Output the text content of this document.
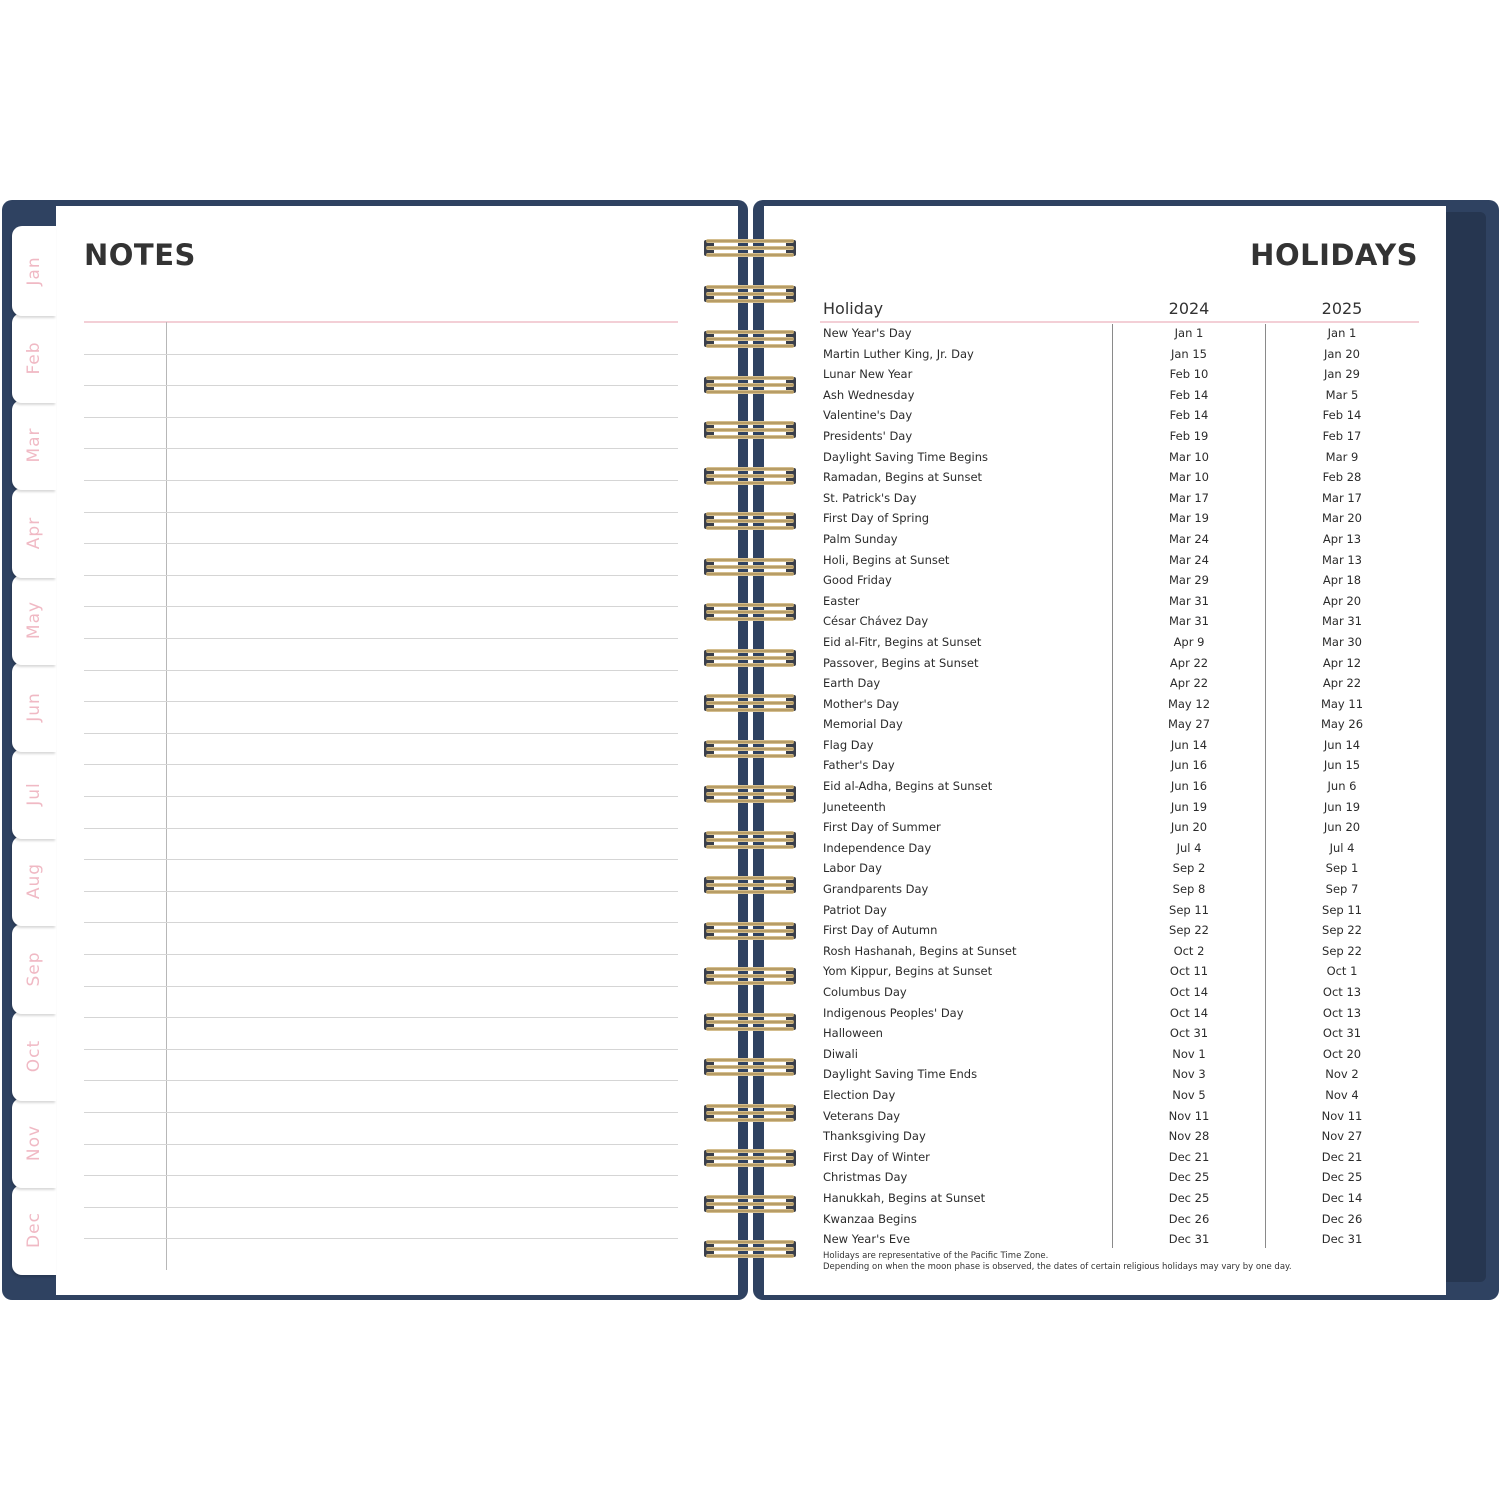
Jan
Feb
Mar
Apr
May
Jun
Jul
Aug
Sep
Oct
Nov
Dec
NOTES	HOLIDAYS
Holiday	2024	2025
New Year's Day	Jan 1	Jan 1
Martin Luther King, Jr. Day	Jan 15	Jan 20
Lunar New Year	Feb 10	Jan 29
Ash Wednesday	Feb 14	Mar 5
Valentine's Day	Feb 14	Feb 14
Presidents' Day	Feb 19	Feb 17
Daylight Saving Time Begins	Mar 10	Mar 9
Ramadan, Begins at Sunset	Mar 10	Feb 28
St. Patrick's Day	Mar 17	Mar 17
First Day of Spring	Mar 19	Mar 20
Palm Sunday	Mar 24	Apr 13
Holi, Begins at Sunset	Mar 24	Mar 13
Good Friday	Mar 29	Apr 18
Easter	Mar 31	Apr 20
César Chávez Day	Mar 31	Mar 31
Eid al-Fitr, Begins at Sunset	Apr 9	Mar 30
Passover, Begins at Sunset	Apr 22	Apr 12
Earth Day	Apr 22	Apr 22
Mother's Day	May 12	May 11
Memorial Day	May 27	May 26
Flag Day	Jun 14	Jun 14
Father's Day	Jun 16	Jun 15
Eid al-Adha, Begins at Sunset	Jun 16	Jun 6
Juneteenth	Jun 19	Jun 19
First Day of Summer	Jun 20	Jun 20
Independence Day	Jul 4	Jul 4
Labor Day	Sep 2	Sep 1
Grandparents Day	Sep 8	Sep 7
Patriot Day	Sep 11	Sep 11
First Day of Autumn	Sep 22	Sep 22
Rosh Hashanah, Begins at Sunset	Oct 2	Sep 22
Yom Kippur, Begins at Sunset	Oct 11	Oct 1
Columbus Day	Oct 14	Oct 13
Indigenous Peoples' Day	Oct 14	Oct 13
Halloween	Oct 31	Oct 31
Diwali	Nov 1	Oct 20
Daylight Saving Time Ends	Nov 3	Nov 2
Election Day	Nov 5	Nov 4
Veterans Day	Nov 11	Nov 11
Thanksgiving Day	Nov 28	Nov 27
First Day of Winter	Dec 21	Dec 21
Christmas Day	Dec 25	Dec 25
Hanukkah, Begins at Sunset	Dec 25	Dec 14
Kwanzaa Begins	Dec 26	Dec 26
New Year's Eve	Dec 31	Dec 31
Holidays are representative of the Pacific Time Zone.
Depending on when the moon phase is observed, the dates of certain religious holidays may vary by one day.
